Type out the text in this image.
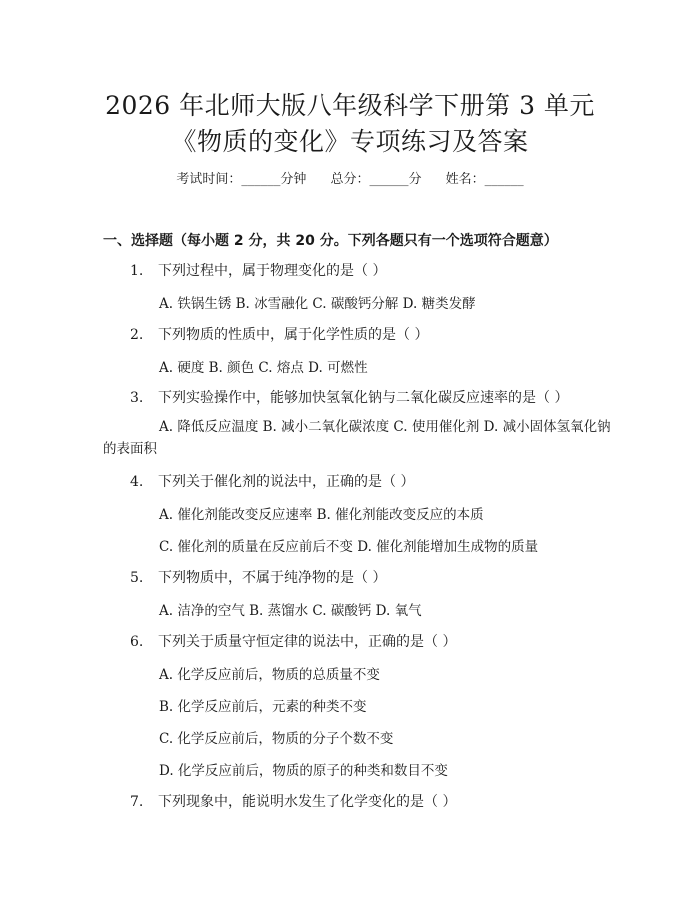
2026 年北师大版八年级科学下册第 3 单元
《物质的变化》专项练习及答案
考试时间：______分钟 总分：______分 姓名：______
一、选择题（每小题 2 分，共 20 分。下列各题只有一个选项符合题意）
1. 下列过程中，属于物理变化的是（ ）
A. 铁锅生锈 B. 冰雪融化 C. 碳酸钙分解 D. 糖类发酵
2. 下列物质的性质中，属于化学性质的是（ ）
A. 硬度 B. 颜色 C. 熔点 D. 可燃性
3. 下列实验操作中，能够加快氢氧化钠与二氧化碳反应速率的是（ ）
A. 降低反应温度 B. 减小二氧化碳浓度 C. 使用催化剂 D. 减小固体氢氧化钠的表面积
4. 下列关于催化剂的说法中，正确的是（ ）
A. 催化剂能改变反应速率 B. 催化剂能改变反应的本质
C. 催化剂的质量在反应前后不变 D. 催化剂能增加生成物的质量
5. 下列物质中，不属于纯净物的是（ ）
A. 洁净的空气 B. 蒸馏水 C. 碳酸钙 D. 氧气
6. 下列关于质量守恒定律的说法中，正确的是（ ）
A. 化学反应前后，物质的总质量不变
B. 化学反应前后，元素的种类不变
C. 化学反应前后，物质的分子个数不变
D. 化学反应前后，物质的原子的种类和数目不变
7. 下列现象中，能说明水发生了化学变化的是（ ）
